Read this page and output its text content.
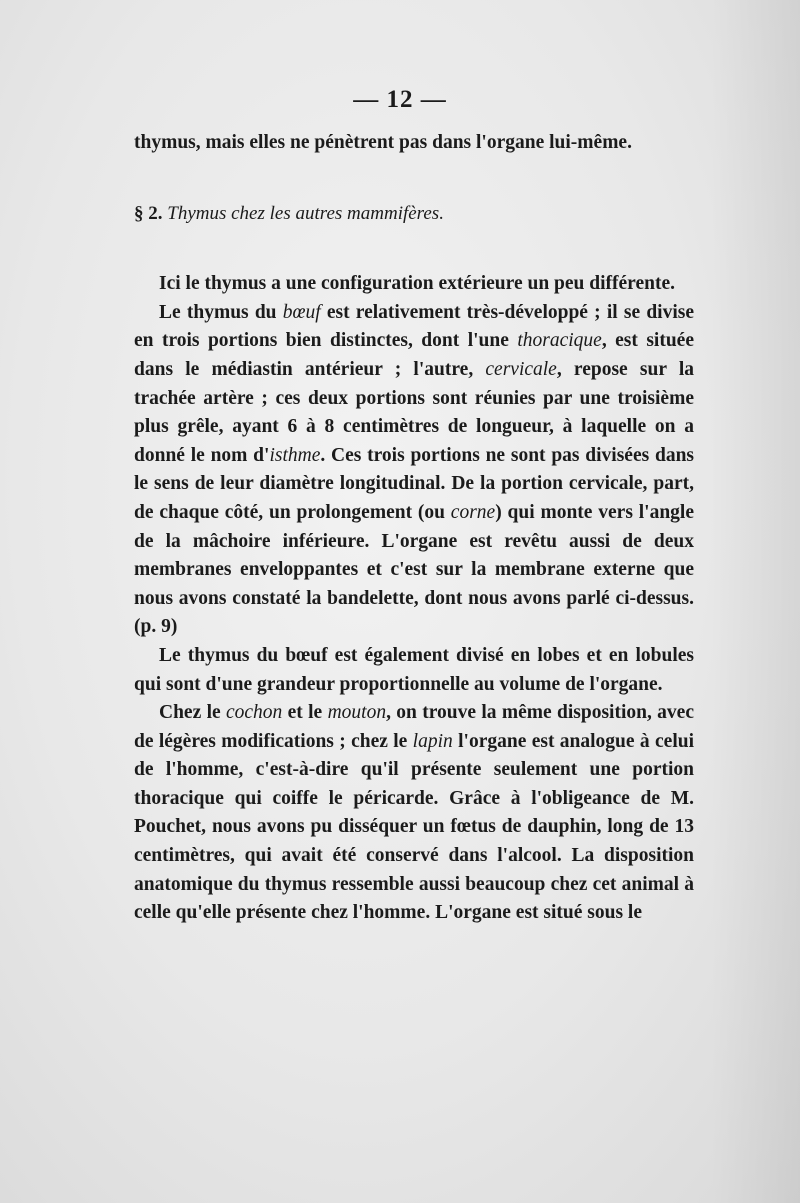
— 12 —

thymus, mais elles ne pénètrent pas dans l'organe lui-même.

§ 2. Thymus chez les autres mammifères.

Ici le thymus a une configuration extérieure un peu différente.

Le thymus du bœuf est relativement très-développé ; il se divise en trois portions bien distinctes, dont l'une thoracique, est située dans le médiastin antérieur ; l'autre, cervicale, repose sur la trachée artère ; ces deux portions sont réunies par une troisième plus grêle, ayant 6 à 8 centimètres de longueur, à laquelle on a donné le nom d'isthme. Ces trois portions ne sont pas divisées dans le sens de leur diamètre longitudinal. De la portion cervicale, part, de chaque côté, un prolongement (ou corne) qui monte vers l'angle de la mâchoire inférieure. L'organe est revêtu aussi de deux membranes enveloppantes et c'est sur la membrane externe que nous avons constaté la bandelette, dont nous avons parlé ci-dessus. (p. 9)

Le thymus du bœuf est également divisé en lobes et en lobules qui sont d'une grandeur proportionnelle au volume de l'organe.

Chez le cochon et le mouton, on trouve la même disposition, avec de légères modifications ; chez le lapin l'organe est analogue à celui de l'homme, c'est-à-dire qu'il présente seulement une portion thoracique qui coiffe le péricarde. Grâce à l'obligeance de M. Pouchet, nous avons pu disséquer un fœtus de dauphin, long de 13 centimètres, qui avait été conservé dans l'alcool. La disposition anatomique du thymus ressemble aussi beaucoup chez cet animal à celle qu'elle présente chez l'homme. L'organe est situé sous le
